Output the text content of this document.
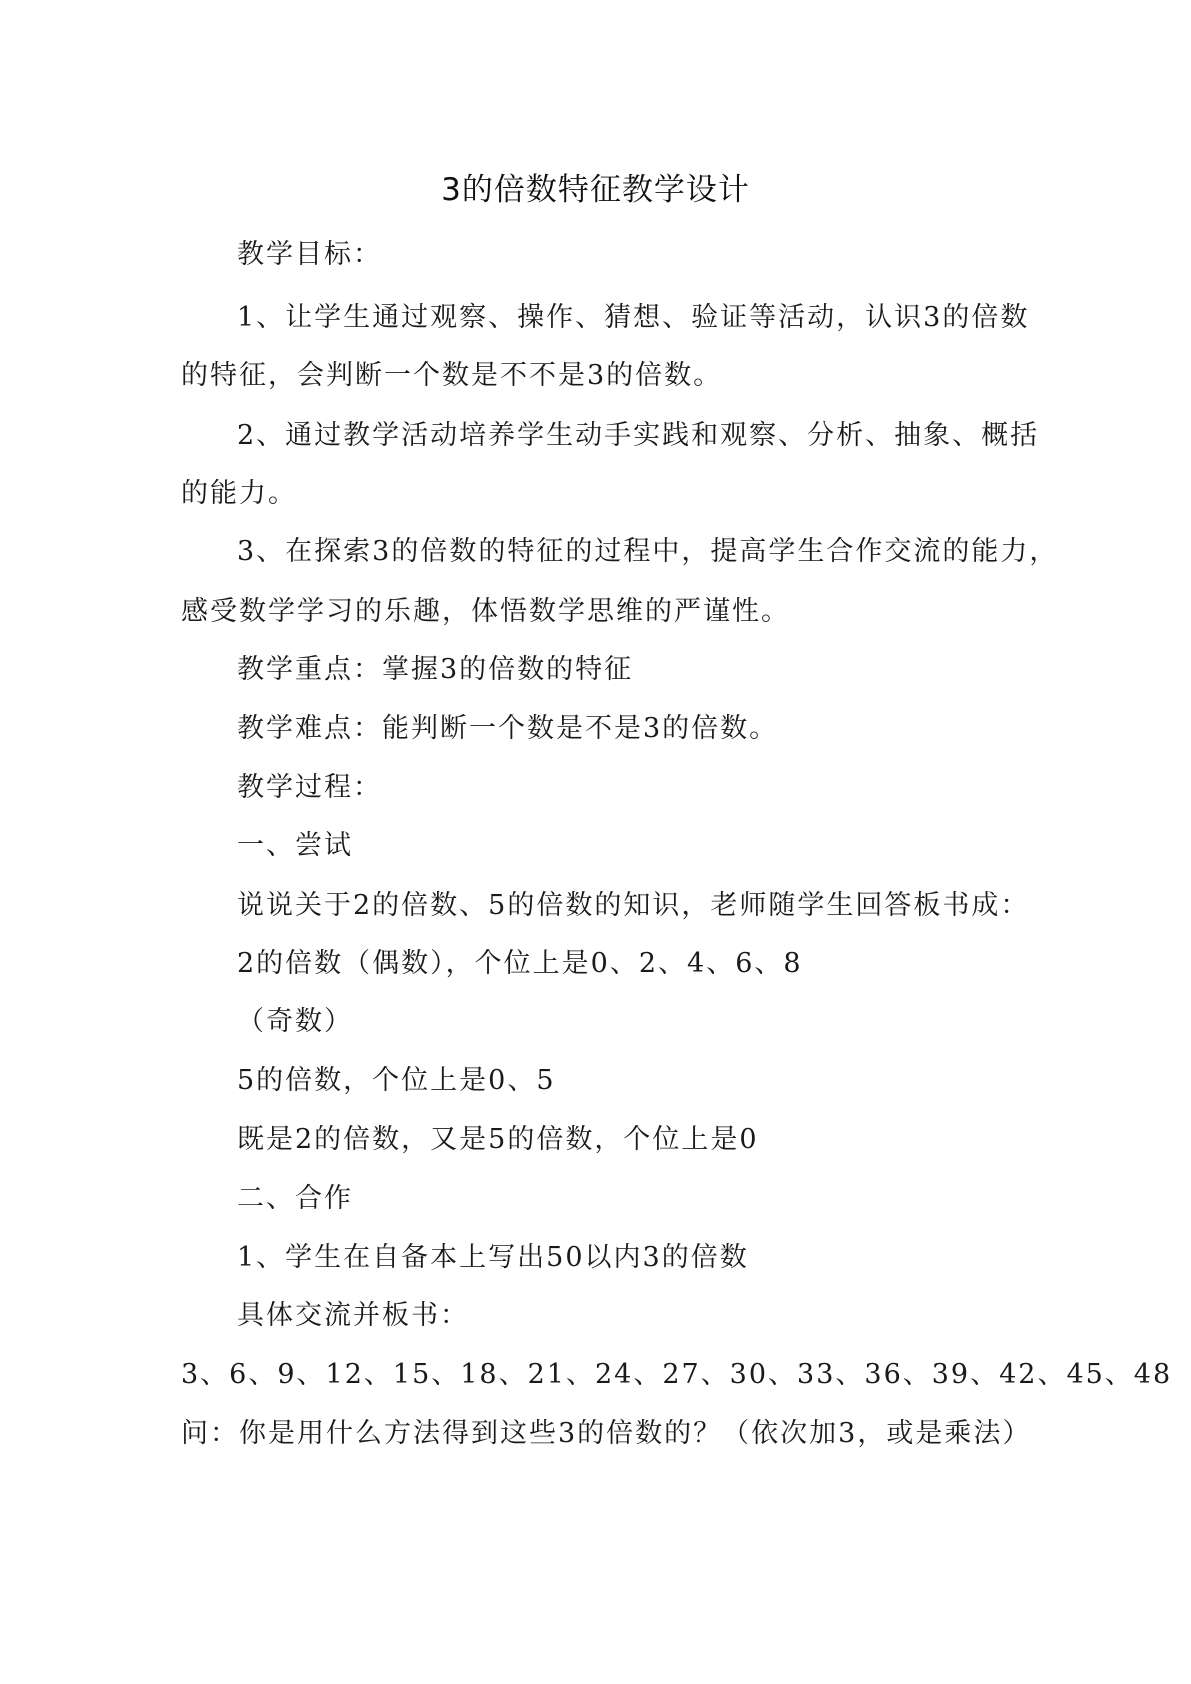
3的倍数特征教学设计
教学目标：
1、让学生通过观察、操作、猜想、验证等活动，认识3的倍数
的特征，会判断一个数是不不是3的倍数。
2、通过教学活动培养学生动手实践和观察、分析、抽象、概括
的能力。
3、在探索3的倍数的特征的过程中，提高学生合作交流的能力，
感受数学学习的乐趣，体悟数学思维的严谨性。
教学重点：掌握3的倍数的特征
教学难点：能判断一个数是不是3的倍数。
教学过程：
一、尝试
说说关于2的倍数、5的倍数的知识，老师随学生回答板书成：
2的倍数（偶数），个位上是0、2、4、6、8
（奇数）
5的倍数，个位上是0、5
既是2的倍数，又是5的倍数，个位上是0
二、合作
1、学生在自备本上写出50以内3的倍数
具体交流并板书：
3、6、9、12、15、18、21、24、27、30、33、36、39、42、45、48
问：你是用什么方法得到这些3的倍数的？（依次加3，或是乘法）
